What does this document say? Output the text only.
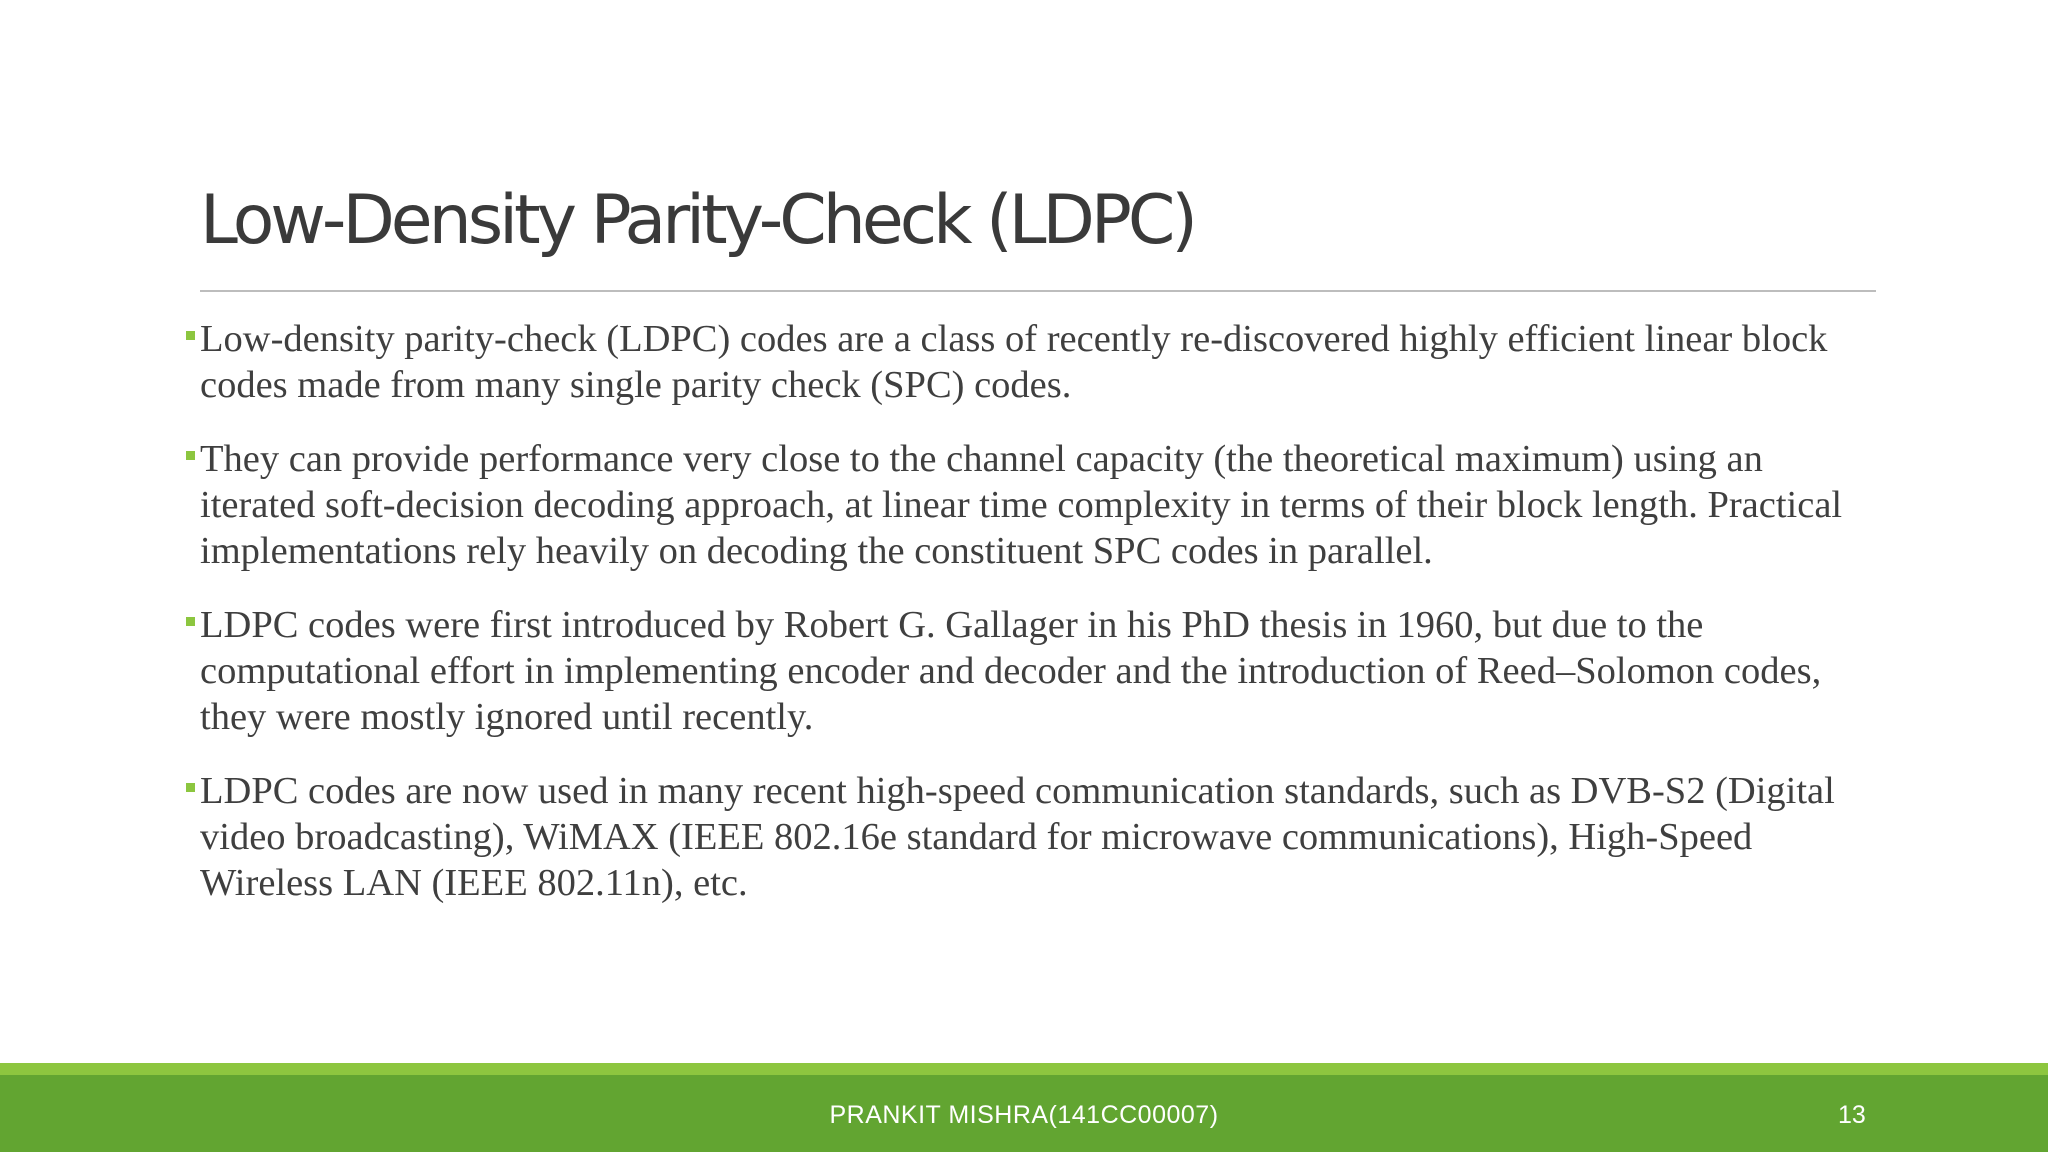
Low-Density Parity-Check (LDPC)
Low-density parity-check (LDPC) codes are a class of recently re-discovered highly efficient linear block codes made from many single parity check (SPC) codes.
They can provide performance very close to the channel capacity (the theoretical maximum) using an iterated soft-decision decoding approach, at linear time complexity in terms of their block length. Practical implementations rely heavily on decoding the constituent SPC codes in parallel.
LDPC codes were first introduced by Robert G. Gallager in his PhD thesis in 1960, but due to the computational effort in implementing encoder and decoder and the introduction of Reed–Solomon codes, they were mostly ignored until recently.
LDPC codes are now used in many recent high-speed communication standards, such as DVB-S2 (Digital video broadcasting), WiMAX (IEEE 802.16e standard for microwave communications), High-Speed Wireless LAN (IEEE 802.11n), etc.
PRANKIT MISHRA(141CC00007)	13
